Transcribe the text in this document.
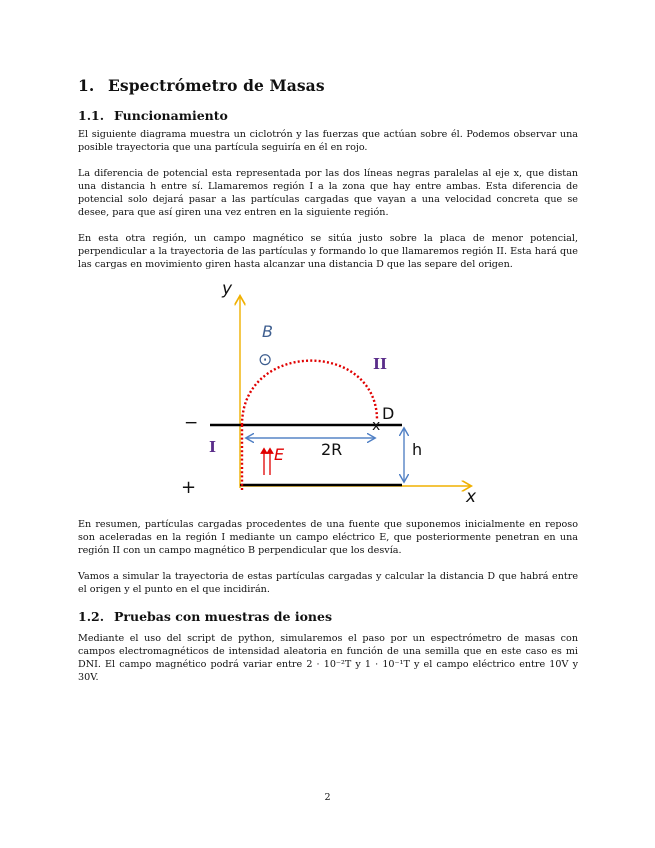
1. Espectrómetro de Masas
1.1. Funcionamiento

El siguiente diagrama muestra un ciclotrón y las fuerzas que actúan sobre él. Podemos observar una posible trayectoria que una partícula seguiría en él en rojo.

La diferencia de potencial esta representada por las dos líneas negras paralelas al eje x, que distan una distancia h entre sí. Llamaremos región I a la zona que hay entre ambas. Esta diferencia de potencial solo dejará pasar a las partículas cargadas que vayan a una velocidad concreta que se desee, para que así giren una vez entren en la siguiente región.

En esta otra región, un campo magnético se sitúa justo sobre la placa de menor potencial, perpendicular a la trayectoria de las partículas y formando lo que llamaremos región II. Esta hará que las cargas en movimiento giren hasta alcanzar una distancia D que las separe del origen.

y
x
B
⊙	II
I
−
+
D
x
2R	h
E

En resumen, partículas cargadas procedentes de una fuente que suponemos inicialmente en reposo son aceleradas en la región I mediante un campo eléctrico E, que posteriormente penetran en una región II con un campo magnético B perpendicular que los desvía.

Vamos a simular la trayectoria de estas partículas cargadas y calcular la distancia D que habrá entre el origen y el punto en el que incidirán.

1.2. Pruebas con muestras de iones

Mediante el uso del script de python, simularemos el paso por un espectrómetro de masas con campos electromagnéticos de intensidad aleatoria en función de una semilla que en este caso es mi DNI. El campo magnético podrá variar entre 2 · 10⁻²T y 1 · 10⁻¹T y el campo eléctrico entre 10V y 30V.

2
